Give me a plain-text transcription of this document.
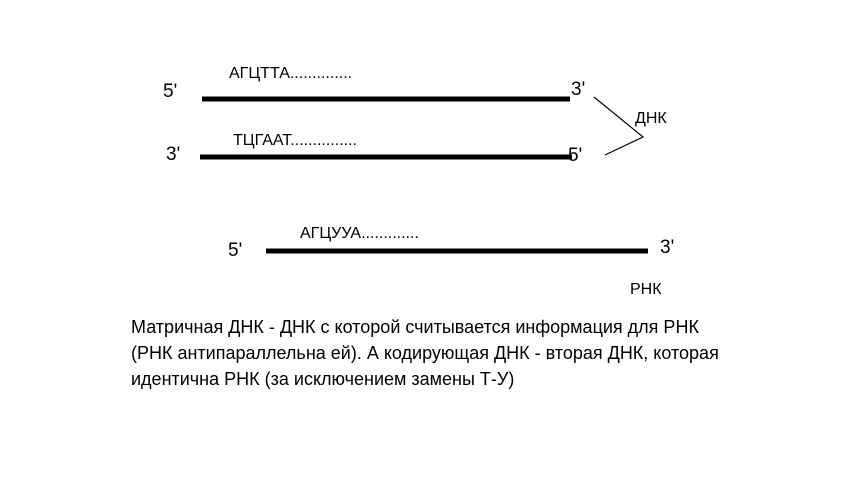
АГЦТТА..............
5'	3'
ТЦГААТ...............
3'	5'
ДНК
АГЦУУА.............
5'	3'
РНК
Матричная ДНК - ДНК с которой считывается информация для РНК
(РНК антипараллельна ей). А кодирующая ДНК - вторая ДНК, которая
идентична РНК (за исключением замены Т-У)
